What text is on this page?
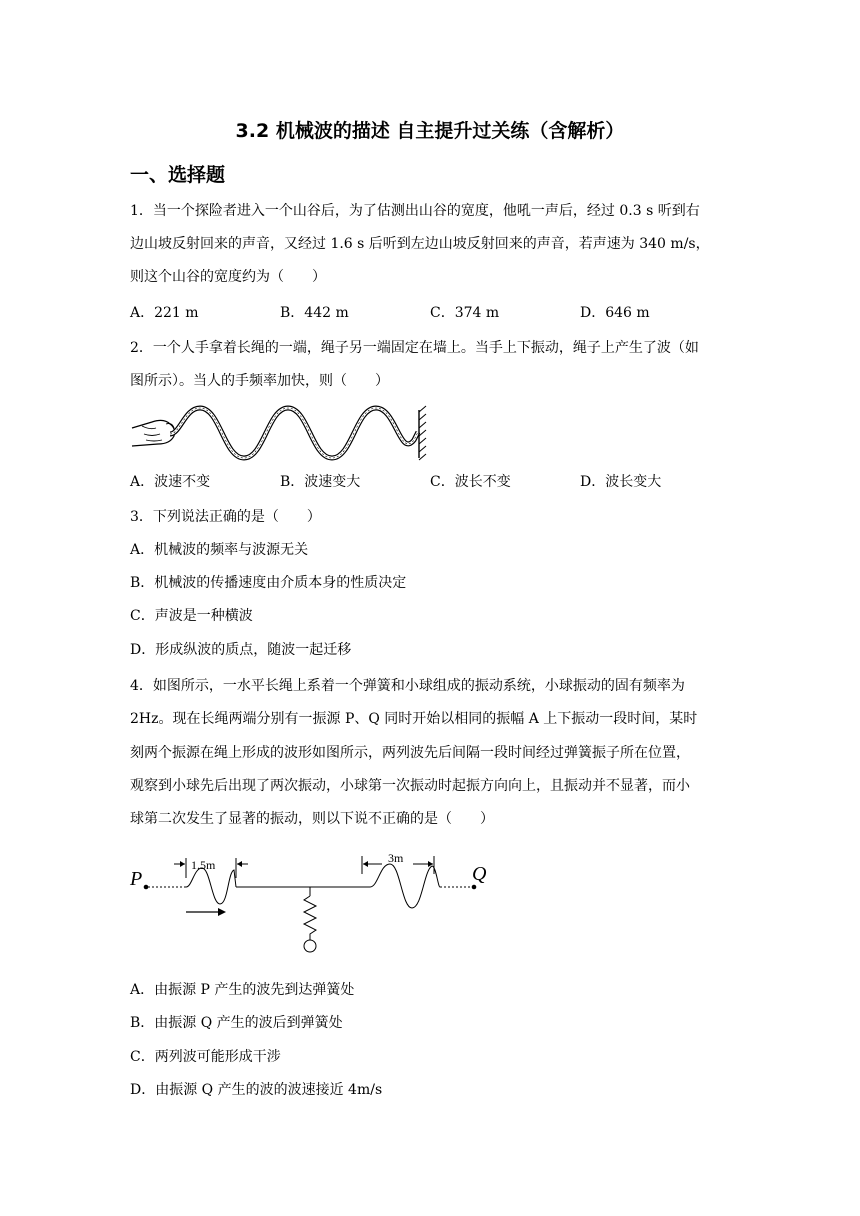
3.2 机械波的描述 自主提升过关练（含解析）
一、选择题
1．当一个探险者进入一个山谷后，为了估测出山谷的宽度，他吼一声后，经过 0.3 s 听到右
边山坡反射回来的声音，又经过 1.6 s 后听到左边山坡反射回来的声音，若声速为 340 m/s，
则这个山谷的宽度约为（　　）
A．221 m	B．442 m	C．374 m	D．646 m
2．一个人手拿着长绳的一端，绳子另一端固定在墙上。当手上下振动，绳子上产生了波（如
图所示）。当人的手频率加快，则（　　）
A．波速不变	B．波速变大	C．波长不变	D．波长变大
3．下列说法正确的是（　　）
A．机械波的频率与波源无关
B．机械波的传播速度由介质本身的性质决定
C．声波是一种横波
D．形成纵波的质点，随波一起迁移
4．如图所示，一水平长绳上系着一个弹簧和小球组成的振动系统，小球振动的固有频率为
2Hz。现在长绳两端分别有一振源 P、Q 同时开始以相同的振幅 A 上下振动一段时间，某时
刻两个振源在绳上形成的波形如图所示，两列波先后间隔一段时间经过弹簧振子所在位置，
观察到小球先后出现了两次振动，小球第一次振动时起振方向向上，且振动并不显著，而小
球第二次发生了显著的振动，则以下说不正确的是（　　）
P
1.5m	3m
Q
A．由振源 P 产生的波先到达弹簧处
B．由振源 Q 产生的波后到弹簧处
C．两列波可能形成干涉
D．由振源 Q 产生的波的波速接近 4m/s
